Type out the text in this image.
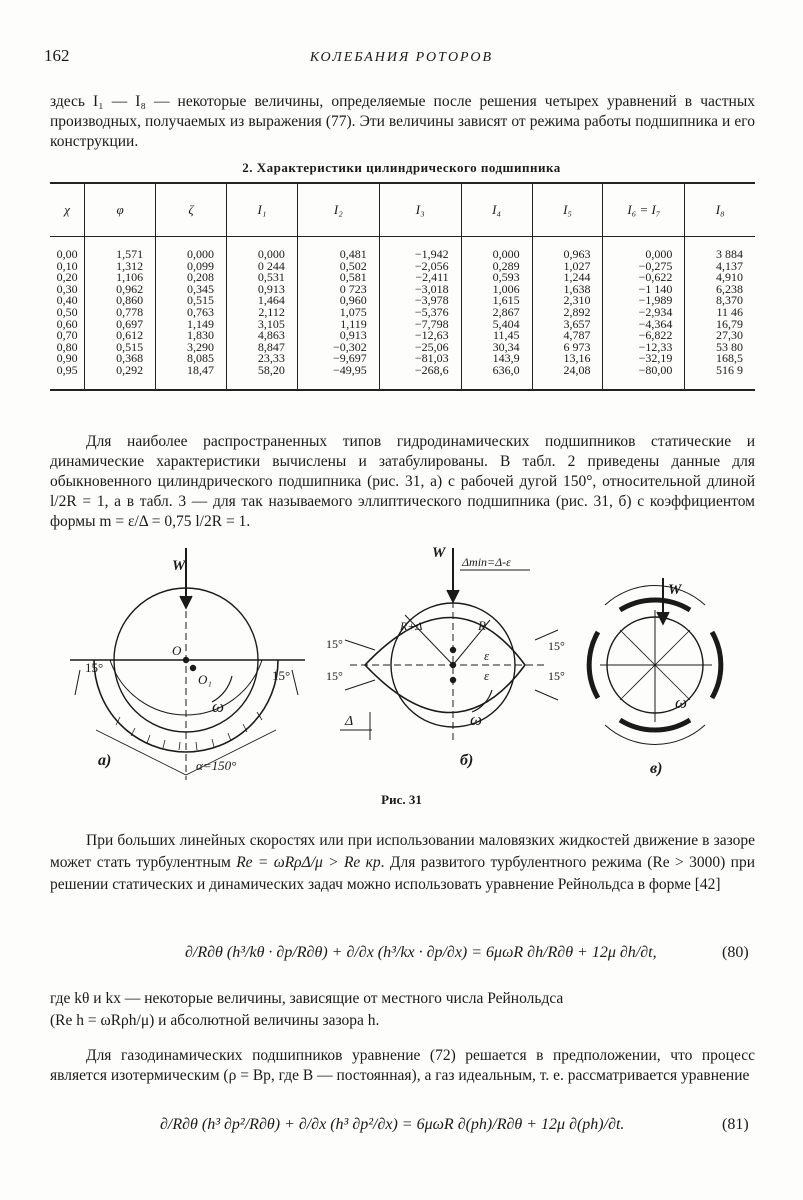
162	КОЛЕБАНИЯ РОТОРОВ

здесь I₁ — I₈ — некоторые величины, определяемые после решения четырех уравнений в частных производных, получаемых из выражения (77). Эти величины зависят от режима работы подшипника и его конструкции.

2. Характеристики цилиндрического подшипника
χ	φ	ζ	I₁	I₂	I₃	I₄	I₅	I₆ = I₇	I₈
0,00	1,571	0,000	0,000	0,481	−1,942	0,000	0,963	0,000	3 884
0,10	1,312	0,099	0 244	0,502	−2,056	0,289	1,027	−0,275	4,137
0,20	1,106	0,208	0,531	0,581	−2,411	0,593	1,244	−0,622	4,910
0,30	0,962	0,345	0,913	0 723	−3,018	1,006	1,638	−1 140	6,238
0,40	0,860	0,515	1,464	0,960	−3,978	1,615	2,310	−1,989	8,370
0,50	0,778	0,763	2,112	1,075	−5,376	2,867	2,892	−2,934	11 46
0,60	0,697	1,149	3,105	1,119	−7,798	5,404	3,657	−4,364	16,79
0,70	0,612	1,830	4,863	0,913	−12,63	11,45	4,787	−6,822	27,30
0,80	0,515	3,290	8,847	−0,302	−25,06	30,34	6 973	−12,33	53 80
0,90	0,368	8,085	23,33	−9,697	−81,03	143,9	13,16	−32,19	168,5
0,95	0,292	18,47	58,20	−49,95	−268,6	636,0	24,08	−80,00	516 9

Для наиболее распространенных типов гидродинамических подшипников статические и динамические характеристики вычислены и затабулированы. В табл. 2 приведены данные для обыкновенного цилиндрического подшипника (рис. 31, а) с рабочей дугой 150°, относительной длиной l/2R = 1, а в табл. 3 — для так называемого эллиптического подшипника (рис. 31, б) с коэффициентом формы m = ε/Δ = 0,75 l/2R = 1.

W
O
O₁
ω
15°
15°
α=150°
а)
W
Δmin=Δ-ε
R+Δ	R
ε
ε
ω
Δ
15°
15°
15°
15°
б)
W
ω
в)
Рис. 31
При больших линейных скоростях или при использовании маловязких жидкостей движение в зазоре может стать турбулентным Re = ωRρΔ/μ > Re кр. Для развитого турбулентного режима (Re > 3000) при решении статических и динамических задач можно использовать уравнение Рейнольдса в форме [42]
∂/R∂θ (h³/kθ · ∂p/R∂θ) + ∂/∂x (h³/kx · ∂p/∂x) = 6μωR ∂h/R∂θ + 12μ ∂h/∂t,	(80)
где kθ и kx — некоторые величины, зависящие от местного числа Рейнольдса
(Re h = ωRρh/μ) и абсолютной величины зазора h.

Для газодинамических подшипников уравнение (72) решается в предположении, что процесс является изотермическим (ρ = Bp, где B — постоянная), а газ идеальным, т. е. рассматривается уравнение

∂/R∂θ (h³ ∂p²/R∂θ) + ∂/∂x (h³ ∂p²/∂x) = 6μωR ∂(ph)/R∂θ + 12μ ∂(ph)/∂t.	(81)
